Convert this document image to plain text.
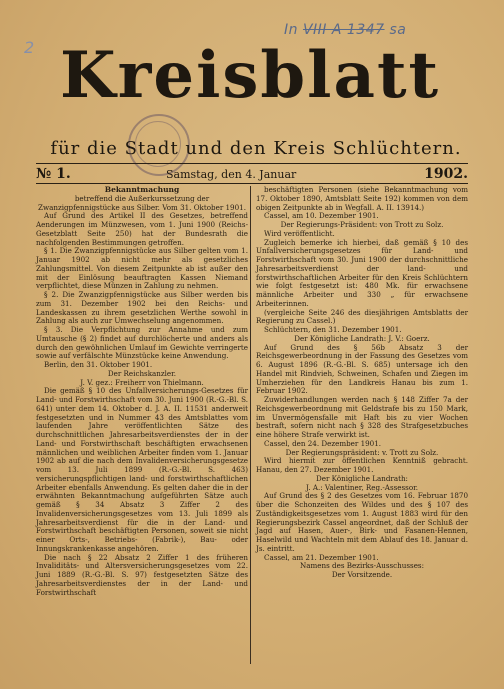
2
In VIII A 1347 sa
Kreisblatt
für die Stadt und den Kreis Schlüchtern.
№ 1.	Samstag, den 4. Januar	1902.

Bekanntmachung

betreffend die Außerkurssetzung der Zwanzigpfennigstücke aus Silber. Vom 31. Oktober 1901.

Auf Grund des Artikel II des Gesetzes, betreffend Aenderungen im Münzwesen, vom 1. Juni 1900 (Reichs-Gesetzblatt Seite 250) hat der Bundesrath die nachfolgenden Bestimmungen getroffen.

§ 1. Die Zwanzigpfennigstücke aus Silber gelten vom 1. Januar 1902 ab nicht mehr als gesetzliches Zahlungsmittel. Von diesem Zeitpunkte ab ist außer den mit der Einlösung beauftragten Kassen Niemand verpflichtet, diese Münzen in Zahlung zu nehmen.

§ 2. Die Zwanzigpfennigstücke aus Silber werden bis zum 31. Dezember 1902 bei den Reichs- und Landeskassen zu ihrem gesetzlichen Werthe sowohl in Zahlung als auch zur Umwechselung angenommen.

§ 3. Die Verpflichtung zur Annahme und zum Umtausche (§ 2) findet auf durchlöcherte und anders als durch den gewöhnlichen Umlauf im Gewichte verringerte sowie auf verfälschte Münzstücke keine Anwendung.

Berlin, den 31. Oktober 1901.

Der Reichskanzler.

J. V. gez.: Freiherr von Thielmann.

Die gemäß § 10 des Unfallversicherungs-Gesetzes für Land- und Forstwirthschaft vom 30. Juni 1900 (R.-G.-Bl. S. 641) unter dem 14. Oktober d. J. A. II. 11531 anderweit festgesetzten und in Nummer 43 des Amtsblattes vom laufenden Jahre veröffentlichten Sätze des durchschnittlichen Jahresarbeitsverdienstes der in der Land- und Forstwirthschaft beschäftigten erwachsenen männlichen und weiblichen Arbeiter finden vom 1. Januar 1902 ab auf die nach dem Invalidenversicherungsgesetze vom 13. Juli 1899 (R.-G.-Bl. S. 463) versicherungspflichtigen land- und forstwirthschaftlichen Arbeiter ebenfalls Anwendung. Es gelten daher die in der erwähnten Bekanntmachung aufgeführten Sätze auch gemäß § 34 Absatz 3 Ziffer 2 des Invalidenversicherungsgesetzes vom 13. Juli 1899 als Jahresarbeitsverdienst für die in der Land- und Forstwirthschaft beschäftigten Personen, soweit sie nicht einer Orts-, Betriebs- (Fabrik-), Bau- oder Innungskrankenkasse angehören.

Die nach § 22 Absatz 2 Ziffer 1 des früheren Invaliditäts- und Altersversicherungsgesetzes vom 22. Juni 1889 (R.-G.-Bl. S. 97) festgesetzten Sätze des Jahresarbeitsverdienstes der in der Land- und Forstwirthschaft

beschäftigten Personen (siehe Bekanntmachung vom 17. Oktober 1890, Amtsblatt Seite 192) kommen von dem obigen Zeitpunkte ab in Wegfall. A. II. 13914.)

Cassel, am 10. Dezember 1901.

Der Regierungs-Präsident: von Trott zu Solz.

Wird veröffentlicht.

Zugleich bemerke ich hierbei, daß gemäß § 10 des Unfallversicherungsgesetzes für Land- und Forstwirthschaft vom 30. Juni 1900 der durchschnittliche Jahresarbeitsverdienst der land- und forstwirthschaftlichen Arbeiter für den Kreis Schlüchtern wie folgt festgesetzt ist: 480 Mk. für erwachsene männliche Arbeiter und 330 „ für erwachsene Arbeiterinnen.

(vergleiche Seite 246 des diesjährigen Amtsblatts der Regierung zu Cassel.)

Schlüchtern, den 31. Dezember 1901.

Der Königliche Landrath: J. V.: Goerz.

Auf Grund des § 56b Absatz 3 der Reichsgewerbeordnung in der Fassung des Gesetzes vom 6. August 1896 (R.-G.-Bl. S. 685) untersage ich den Handel mit Rindvieh, Schweinen, Schafen und Ziegen im Umherziehen für den Landkreis Hanau bis zum 1. Februar 1902.

Zuwiderhandlungen werden nach § 148 Ziffer 7a der Reichsgewerbeordnung mit Geldstrafe bis zu 150 Mark, im Unvermögensfalle mit Haft bis zu vier Wochen bestraft, sofern nicht nach § 328 des Strafgesetzbuches eine höhere Strafe verwirkt ist.

Cassel, den 24. Dezember 1901.

Der Regierungspräsident: v. Trott zu Solz.

Wird hiermit zur öffentlichen Kenntniß gebracht. Hanau, den 27. Dezember 1901.

Der Königliche Landrath:

J. A.: Valentiner, Reg.-Assessor.

Auf Grund des § 2 des Gesetzes vom 16. Februar 1870 über die Schonzeiten des Wildes und des § 107 des Zuständigkeitsgesetzes vom 1. August 1883 wird für den Regierungsbezirk Cassel angeordnet, daß der Schluß der Jagd auf Hasen, Auer-, Birk- und Fasanen-Hennen, Haselwild und Wachteln mit dem Ablauf des 18. Januar d. Js. eintritt.

Cassel, am 21. Dezember 1901.

Namens des Bezirks-Ausschusses:

Der Vorsitzende.
